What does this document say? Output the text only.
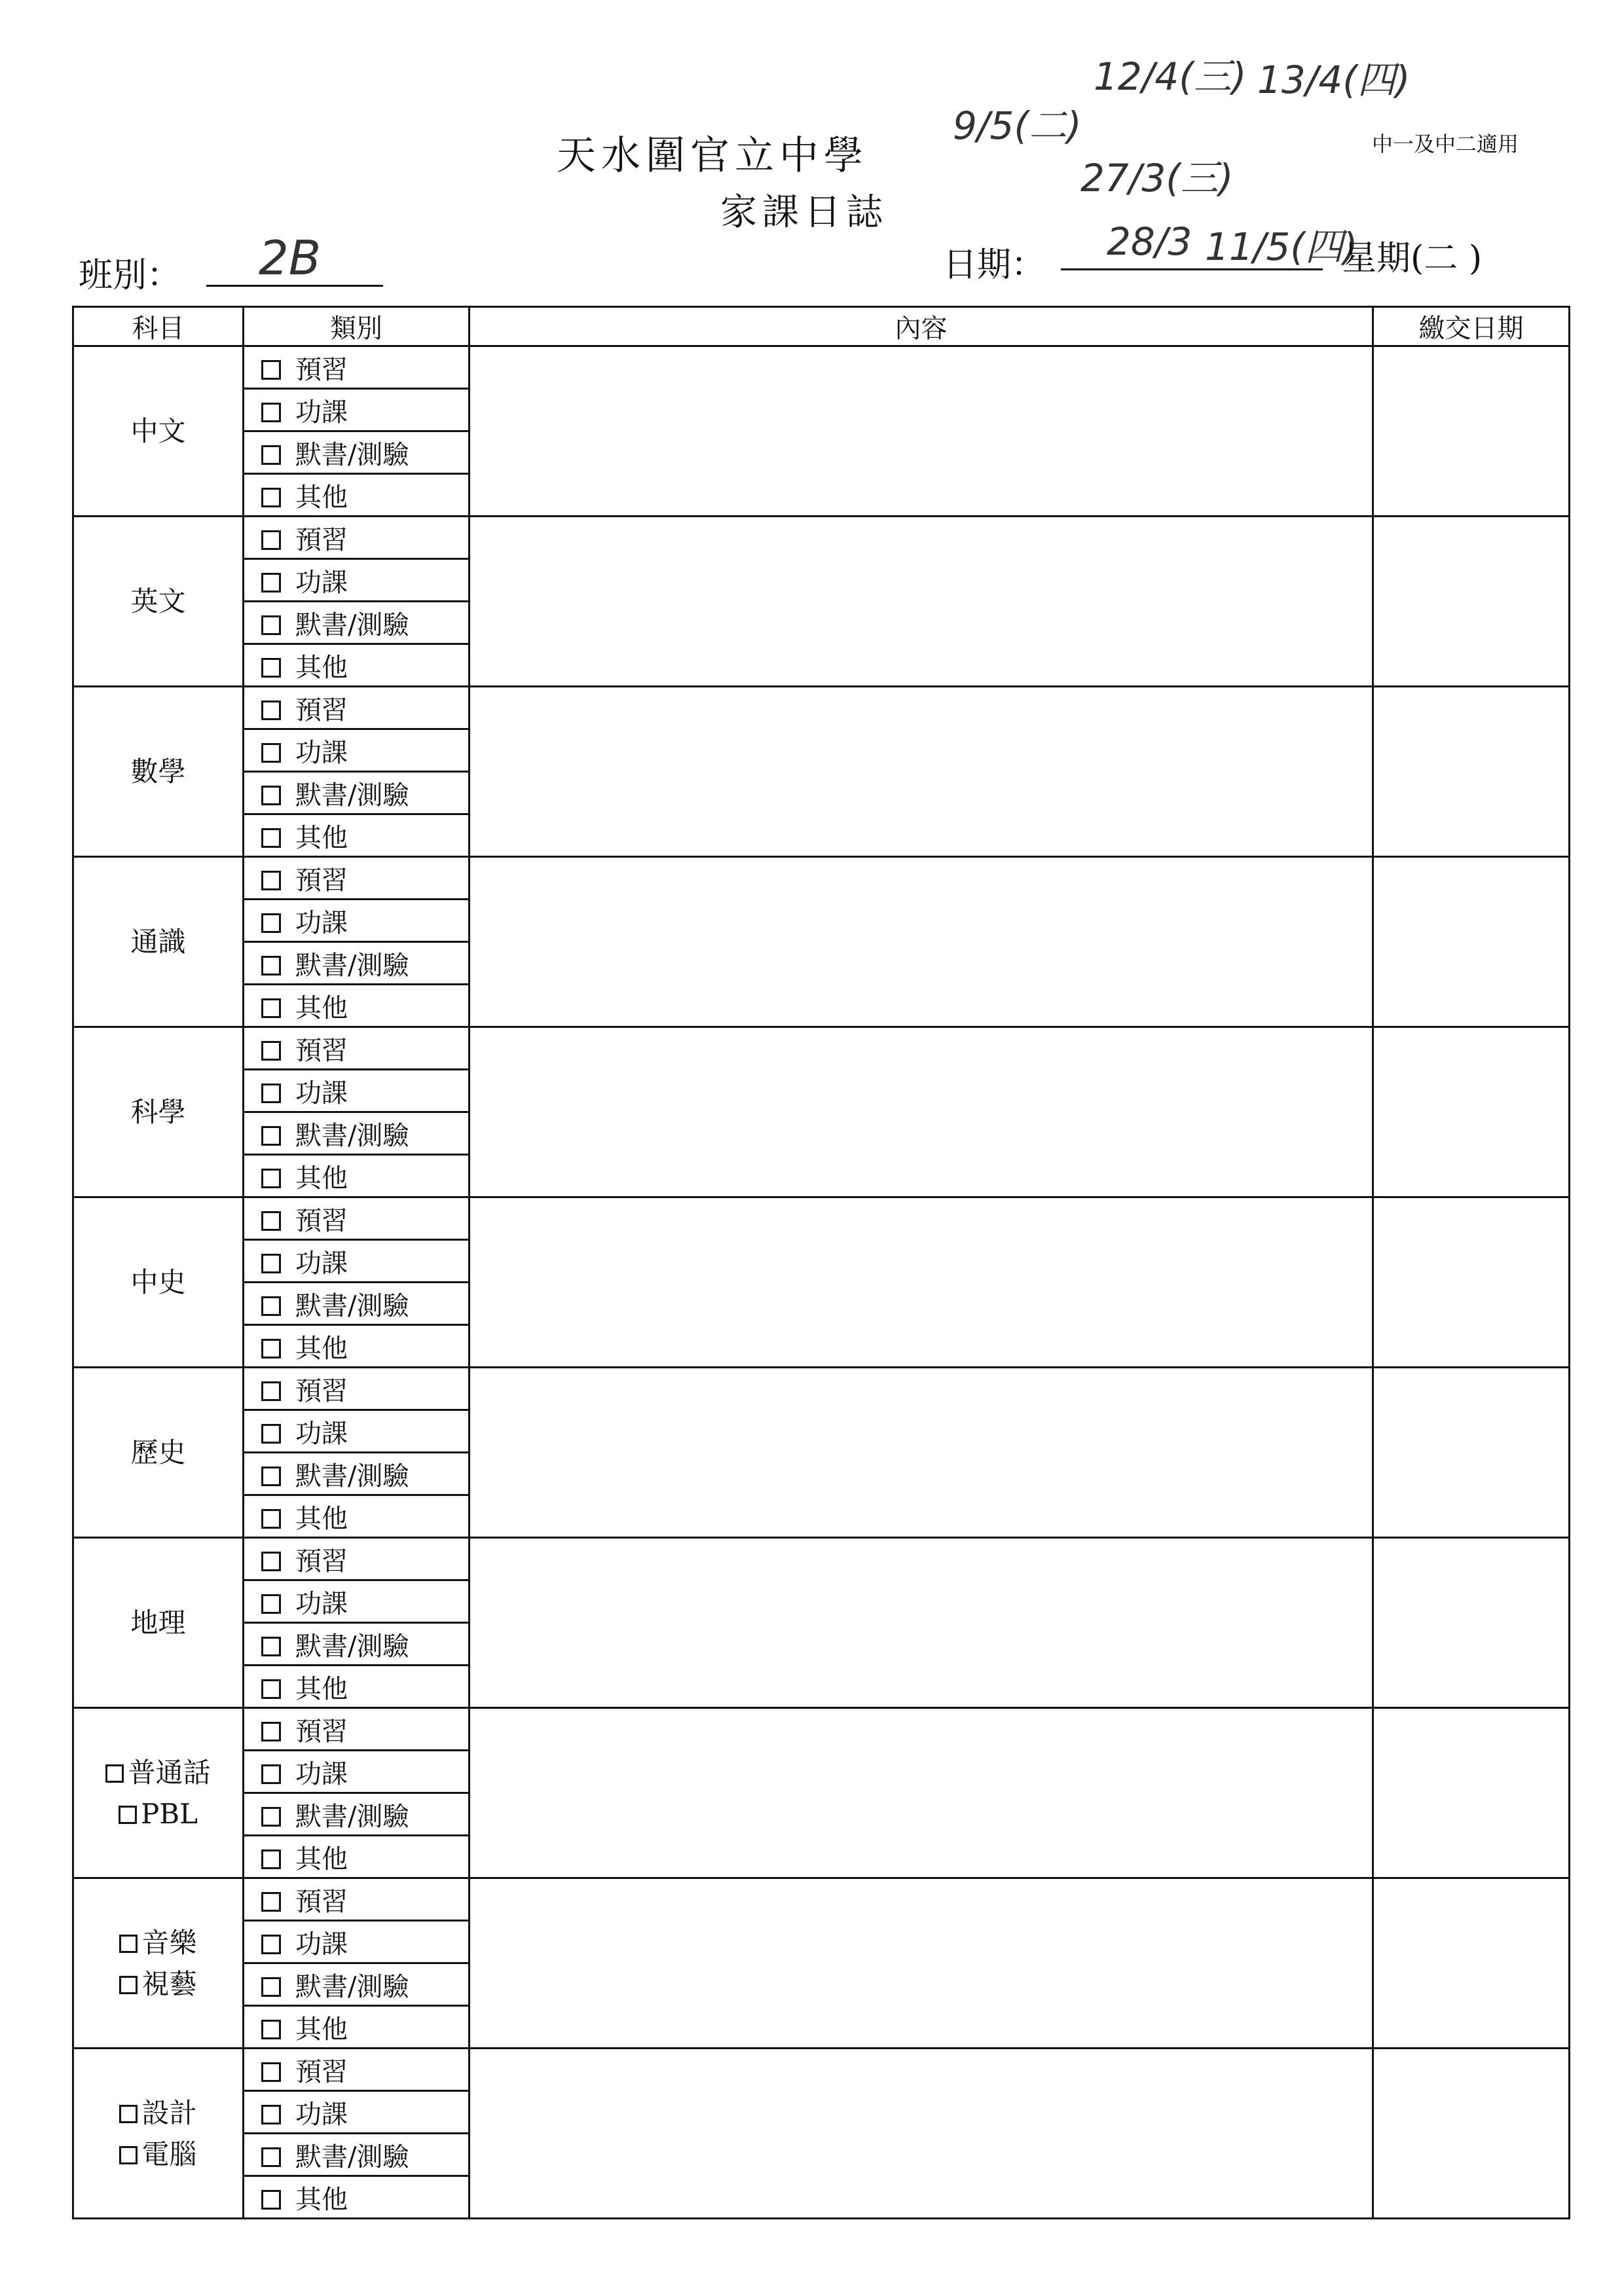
天水圍官立中學
家課日誌
中一及中二適用
9/5(二)
12/4(三) 13/4(四)
27/3(三)
班別： 2B	日期：
28/3 11/5(四)
星期(二 )
科目	類別	內容	繳交日期

中文	預習		
	功課		
	默書/測驗		
	其他		

英文	預習		
	功課		
	默書/測驗		
	其他		

數學	預習		
	功課		
	默書/測驗		
	其他		

通識	預習		
	功課		
	默書/測驗		
	其他		

科學	預習		
	功課		
	默書/測驗		
	其他		

中史	預習		
	功課		
	默書/測驗		
	其他		

歷史	預習		
	功課		
	默書/測驗		
	其他		

地理	預習		
	功課		
	默書/測驗		
	其他		

普通話
PBL	預習		
	功課		
	默書/測驗		
	其他		

音樂
視藝	預習		
	功課		
	默書/測驗		
	其他		

設計
電腦	預習		
	功課		
	默書/測驗		
	其他		
